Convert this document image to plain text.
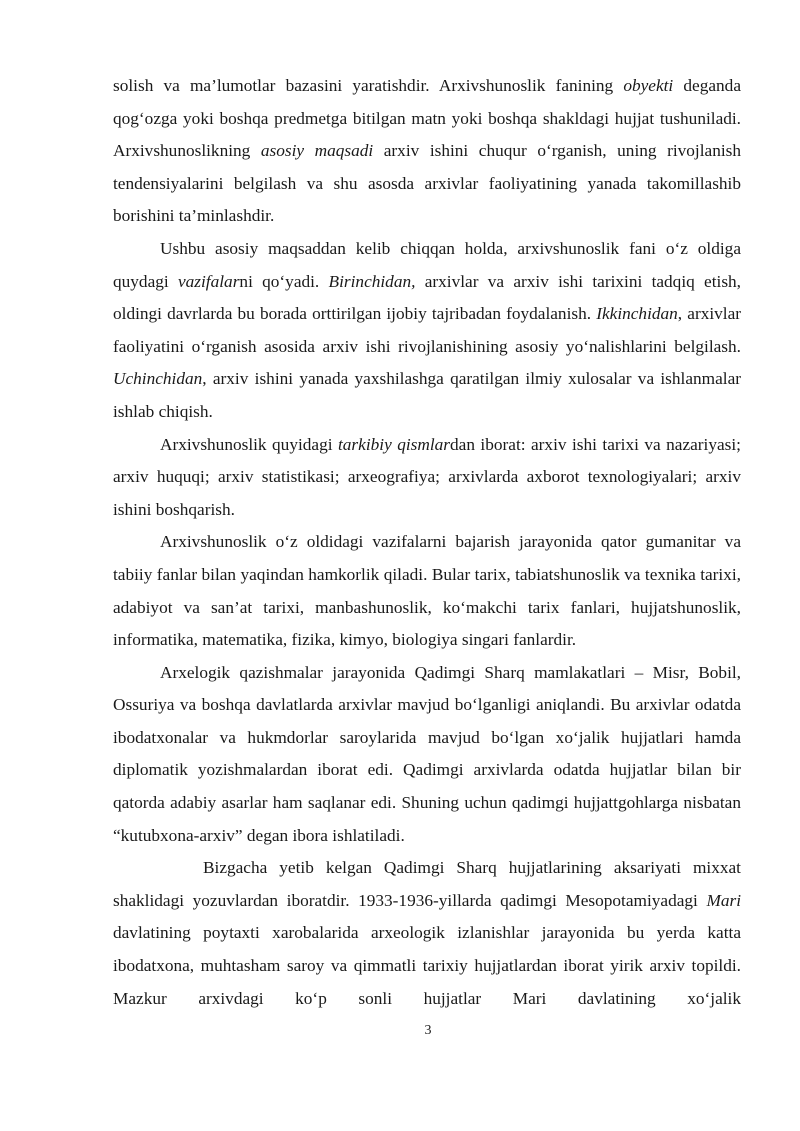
solish va ma’lumotlar bazasini yaratishdir. Arxivshunoslik fanining obyekti deganda qog‘ozga yoki boshqa predmetga bitilgan matn yoki boshqa shakldagi hujjat tushuniladi. Arxivshunoslikning asosiy maqsadi arxiv ishini chuqur o‘rganish, uning rivojlanish tendensiyalarini belgilash va shu asosda arxivlar faoliyatining yanada takomillashib borishini ta’minlashdir.

Ushbu asosiy maqsaddan kelib chiqqan holda, arxivshunoslik fani o‘z oldiga quydagi vazifalarni qo‘yadi. Birinchidan, arxivlar va arxiv ishi tarixini tadqiq etish, oldingi davrlarda bu borada orttirilgan ijobiy tajribadan foydalanish. Ikkinchidan, arxivlar faoliyatini o‘rganish asosida arxiv ishi rivojlanishining asosiy yo‘nalishlarini belgilash. Uchinchidan, arxiv ishini yanada yaxshilashga qaratilgan ilmiy xulosalar va ishlanmalar ishlab chiqish.

Arxivshunoslik quyidagi tarkibiy qismlardan iborat: arxiv ishi tarixi va nazariyasi; arxiv huquqi; arxiv statistikasi; arxeografiya; arxivlarda axborot texnologiyalari; arxiv ishini boshqarish.

Arxivshunoslik o‘z oldidagi vazifalarni bajarish jarayonida qator gumanitar va tabiiy fanlar bilan yaqindan hamkorlik qiladi. Bular tarix, tabiatshunoslik va texnika tarixi, adabiyot va san’at tarixi, manbashunoslik, ko‘makchi tarix fanlari, hujjatshunoslik, informatika, matematika, fizika, kimyo, biologiya singari fanlardir.

Arxelogik qazishmalar jarayonida Qadimgi Sharq mamlakatlari – Misr, Bobil, Ossuriya va boshqa davlatlarda arxivlar mavjud bo‘lganligi aniqlandi. Bu arxivlar odatda ibodatxonalar va hukmdorlar saroylarida mavjud bo‘lgan xo‘jalik hujjatlari hamda diplomatik yozishmalardan iborat edi. Qadimgi arxivlarda odatda hujjatlar bilan bir qatorda adabiy asarlar ham saqlanar edi. Shuning uchun qadimgi hujjattgohlarga nisbatan “kutubxona-arxiv” degan ibora ishlatiladi.

Bizgacha yetib kelgan Qadimgi Sharq hujjatlarining aksariyati mixxat shaklidagi yozuvlardan iboratdir. 1933-1936-yillarda qadimgi Mesopotamiyadagi Mari davlatining poytaxti xarobalarida arxeologik izlanishlar jarayonida bu yerda katta ibodatxona, muhtasham saroy va qimmatli tarixiy hujjatlardan iborat yirik arxiv topildi. Mazkur arxivdagi ko‘p sonli hujjatlar Mari davlatining xo‘jalik

3
